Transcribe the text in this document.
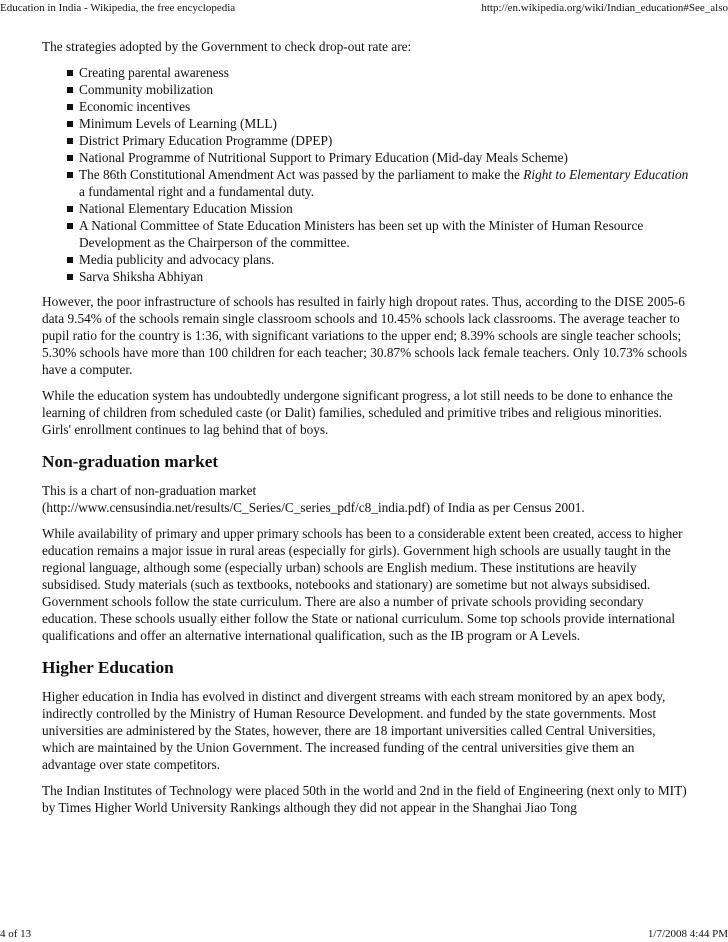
Education in India - Wikipedia, the free encyclopedia	http://en.wikipedia.org/wiki/Indian_education#See_also

The strategies adopted by the Government to check drop-out rate are:

Creating parental awareness
Community mobilization
Economic incentives
Minimum Levels of Learning (MLL)
District Primary Education Programme (DPEP)
National Programme of Nutritional Support to Primary Education (Mid-day Meals Scheme)
The 86th Constitutional Amendment Act was passed by the parliament to make the Right to Elementary Education a fundamental right and a fundamental duty.
National Elementary Education Mission
A National Committee of State Education Ministers has been set up with the Minister of Human Resource Development as the Chairperson of the committee.
Media publicity and advocacy plans.
Sarva Shiksha Abhiyan

However, the poor infrastructure of schools has resulted in fairly high dropout rates. Thus, according to the DISE 2005-6 data 9.54% of the schools remain single classroom schools and 10.45% schools lack classrooms. The average teacher to pupil ratio for the country is 1:36, with significant variations to the upper end; 8.39% schools are single teacher schools; 5.30% schools have more than 100 children for each teacher; 30.87% schools lack female teachers. Only 10.73% schools have a computer.

While the education system has undoubtedly undergone significant progress, a lot still needs to be done to enhance the learning of children from scheduled caste (or Dalit) families, scheduled and primitive tribes and religious minorities. Girls' enrollment continues to lag behind that of boys.

Non-graduation market

This is a chart of non-graduation market
(http://www.censusindia.net/results/C_Series/C_series_pdf/c8_india.pdf) of India as per Census 2001.

While availability of primary and upper primary schools has been to a considerable extent been created, access to higher education remains a major issue in rural areas (especially for girls). Government high schools are usually taught in the regional language, although some (especially urban) schools are English medium. These institutions are heavily subsidised. Study materials (such as textbooks, notebooks and stationary) are sometime but not always subsidised. Government schools follow the state curriculum. There are also a number of private schools providing secondary education. These schools usually either follow the State or national curriculum. Some top schools provide international qualifications and offer an alternative international qualification, such as the IB program or A Levels.

Higher Education

Higher education in India has evolved in distinct and divergent streams with each stream monitored by an apex body, indirectly controlled by the Ministry of Human Resource Development. and funded by the state governments. Most universities are administered by the States, however, there are 18 important universities called Central Universities, which are maintained by the Union Government. The increased funding of the central universities give them an advantage over state competitors.

The Indian Institutes of Technology were placed 50th in the world and 2nd in the field of Engineering (next only to MIT) by Times Higher World University Rankings although they did not appear in the Shanghai Jiao Tong

4 of 13	1/7/2008 4:44 PM
